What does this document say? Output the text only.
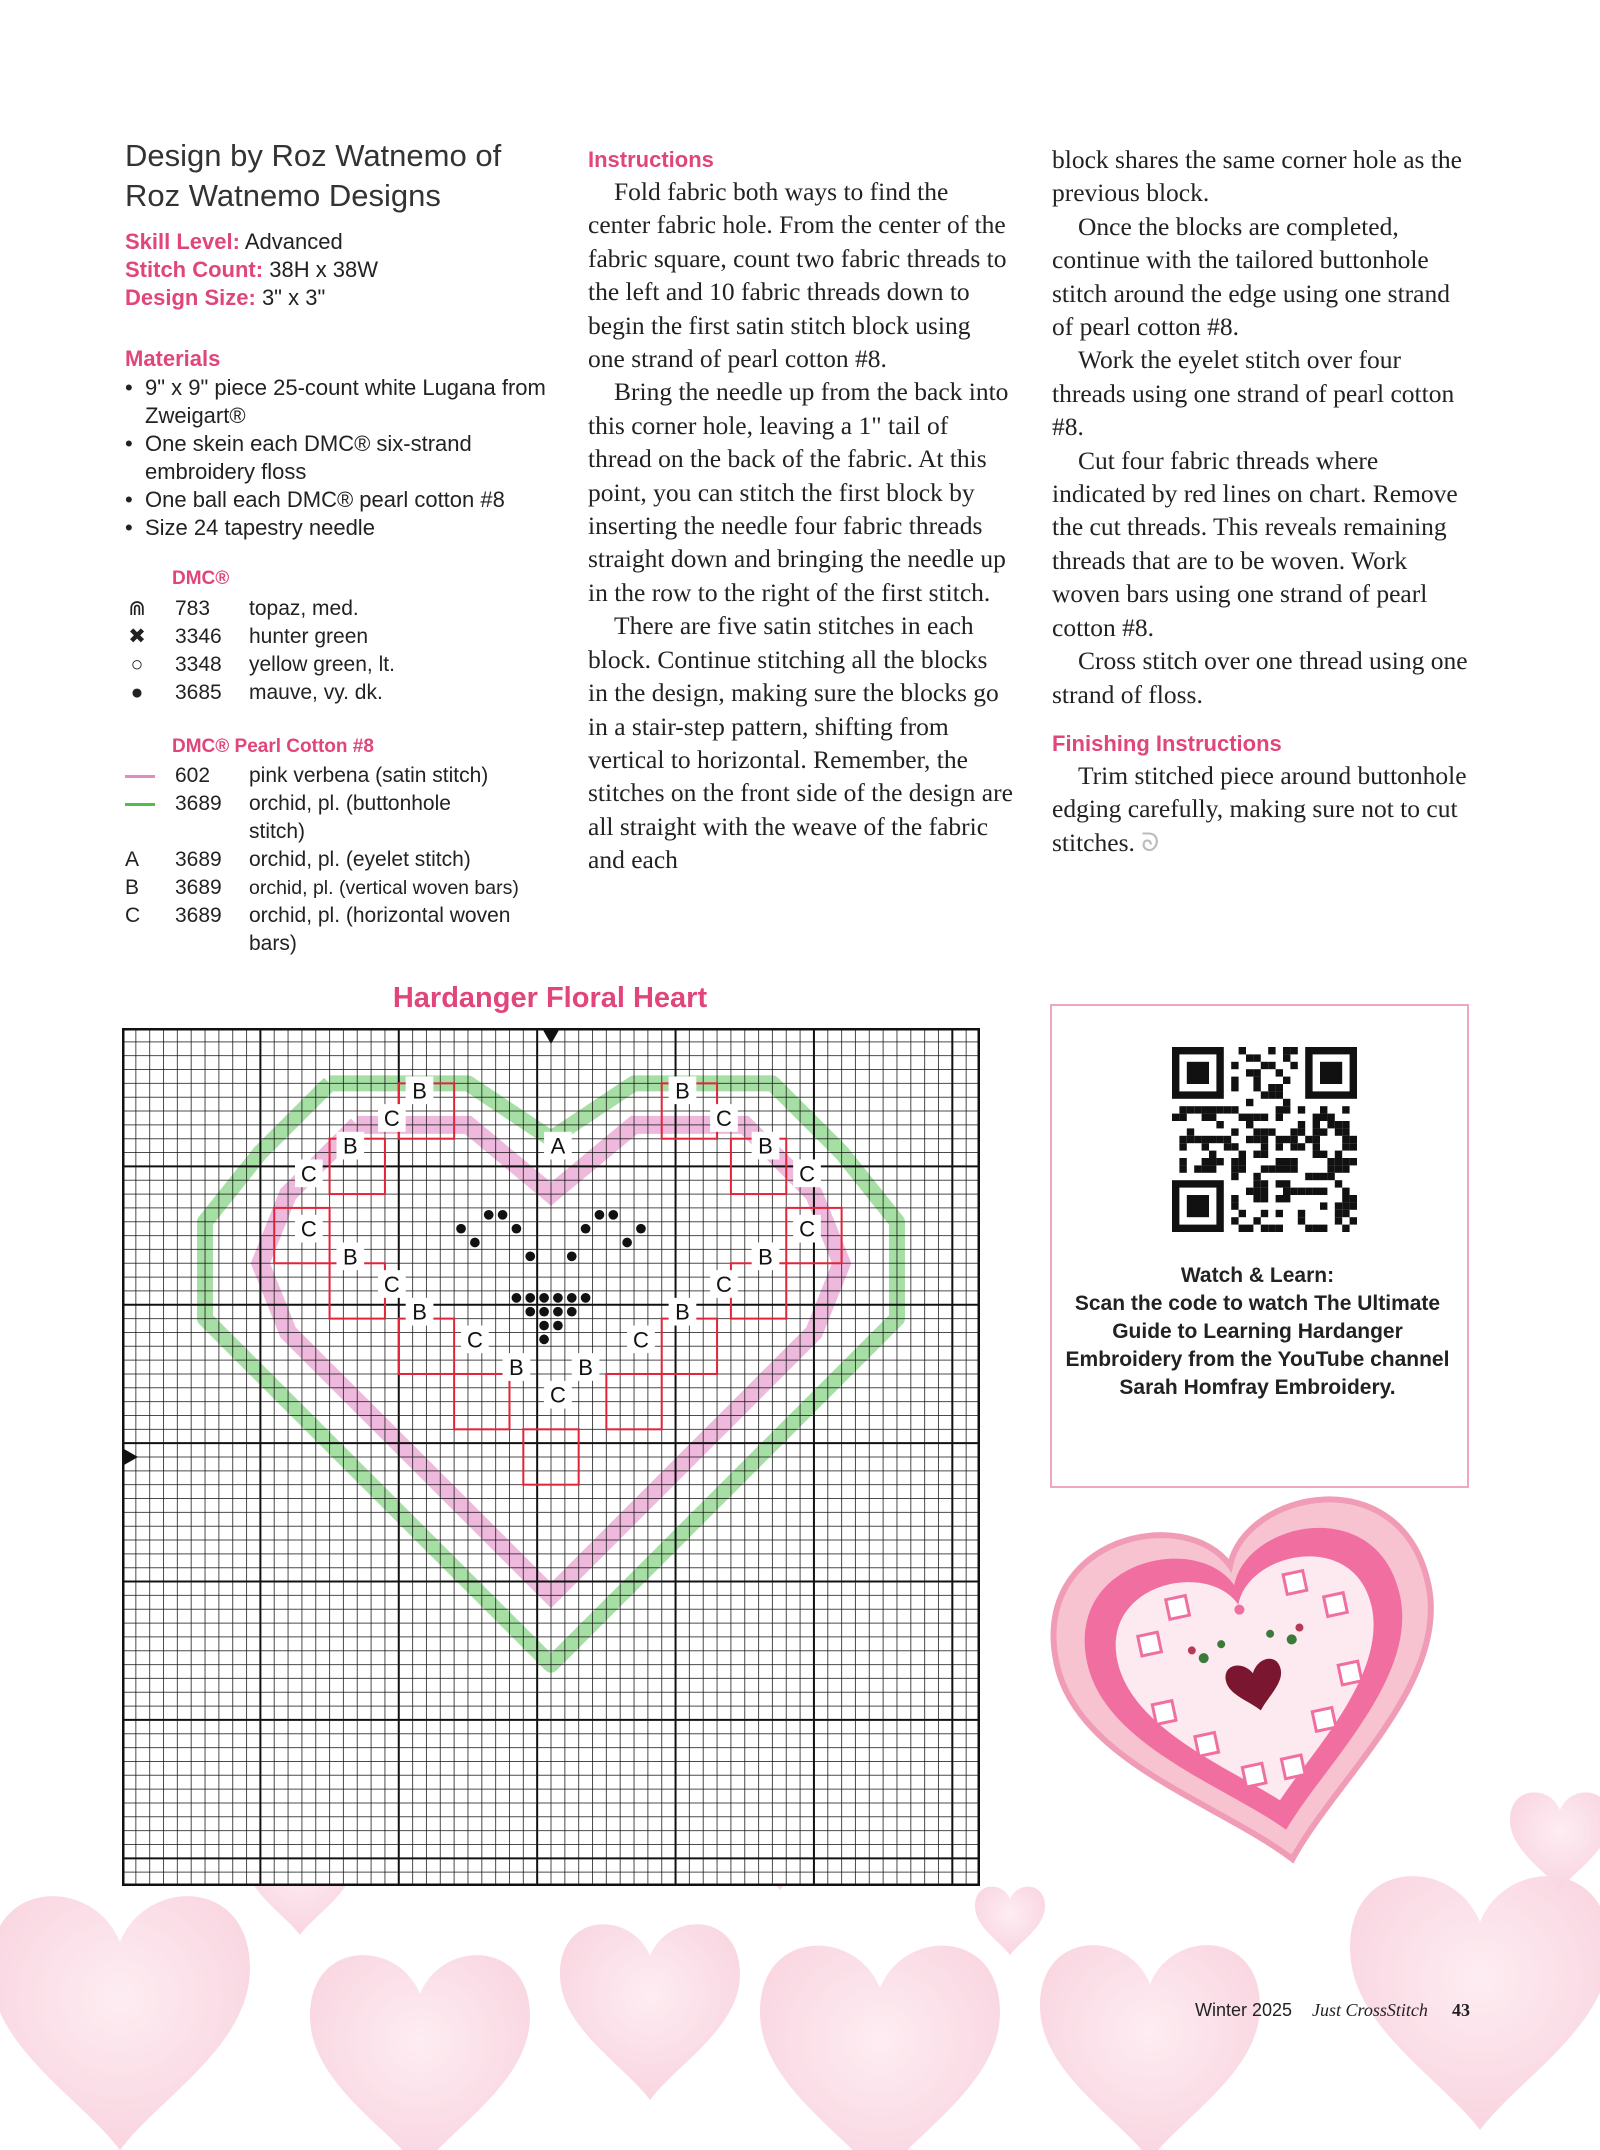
Design by Roz Watnemo of
Roz Watnemo Designs
Skill Level: Advanced
Stitch Count: 38H x 38W
Design Size: 3" x 3"
Materials
• 9" x 9" piece 25-count white Lugana from Zweigart®
• One skein each DMC® six-strand embroidery floss
• One ball each DMC® pearl cotton #8
• Size 24 tapestry needle
DMC®
⋒ 783 topaz, med.
✖ 3346 hunter green
○ 3348 yellow green, lt.
● 3685 mauve, vy. dk.
DMC® Pearl Cotton #8
602 pink verbena (satin stitch)
3689 orchid, pl. (buttonhole stitch)
A	3689 orchid, pl. (eyelet stitch)
B	3689 orchid, pl. (vertical woven bars)
C	3689 orchid, pl. (horizontal woven bars)
Instructions

Fold fabric both ways to find the center fabric hole. From the center of the fabric square, count two fabric threads to the left and 10 fabric threads down to begin the first satin stitch block using one strand of pearl cotton #8.

Bring the needle up from the back into this corner hole, leaving a 1" tail of thread on the back of the fabric. At this point, you can stitch the first block by inserting the needle four fabric threads straight down and bringing the needle up in the row to the right of the first stitch.

There are five satin stitches in each block. Continue stitching all the blocks in the design, making sure the blocks go in a stair-step pattern, shifting from vertical to horizontal. Remember, the stitches on the front side of the design are all straight with the weave of the fabric and each

block shares the same corner hole as the previous block.

Once the blocks are completed, continue with the tailored buttonhole stitch around the edge using one strand of pearl cotton #8.

Work the eyelet stitch over four threads using one strand of pearl cotton #8.

Cut four fabric threads where indicated by red lines on chart. Remove the cut threads. This reveals remaining threads that are to be woven. Work woven bars using one strand of pearl cotton #8.

Cross stitch over one thread using one strand of floss.

Finishing Instructions

Trim stitched piece around buttonhole edging carefully, making sure not to cut stitches. ᘐ

Hardanger Floral Heart
B	B
C	C
B	A	B
C	C
C	C
B	B
C	C
B	B
C	C
B B
C
Watch & Learn:
Scan the code to watch The Ultimate Guide to Learning Hardanger Embroidery from the YouTube channel Sarah Homfray Embroidery.
Winter 2025 Just CrossStitch 43
